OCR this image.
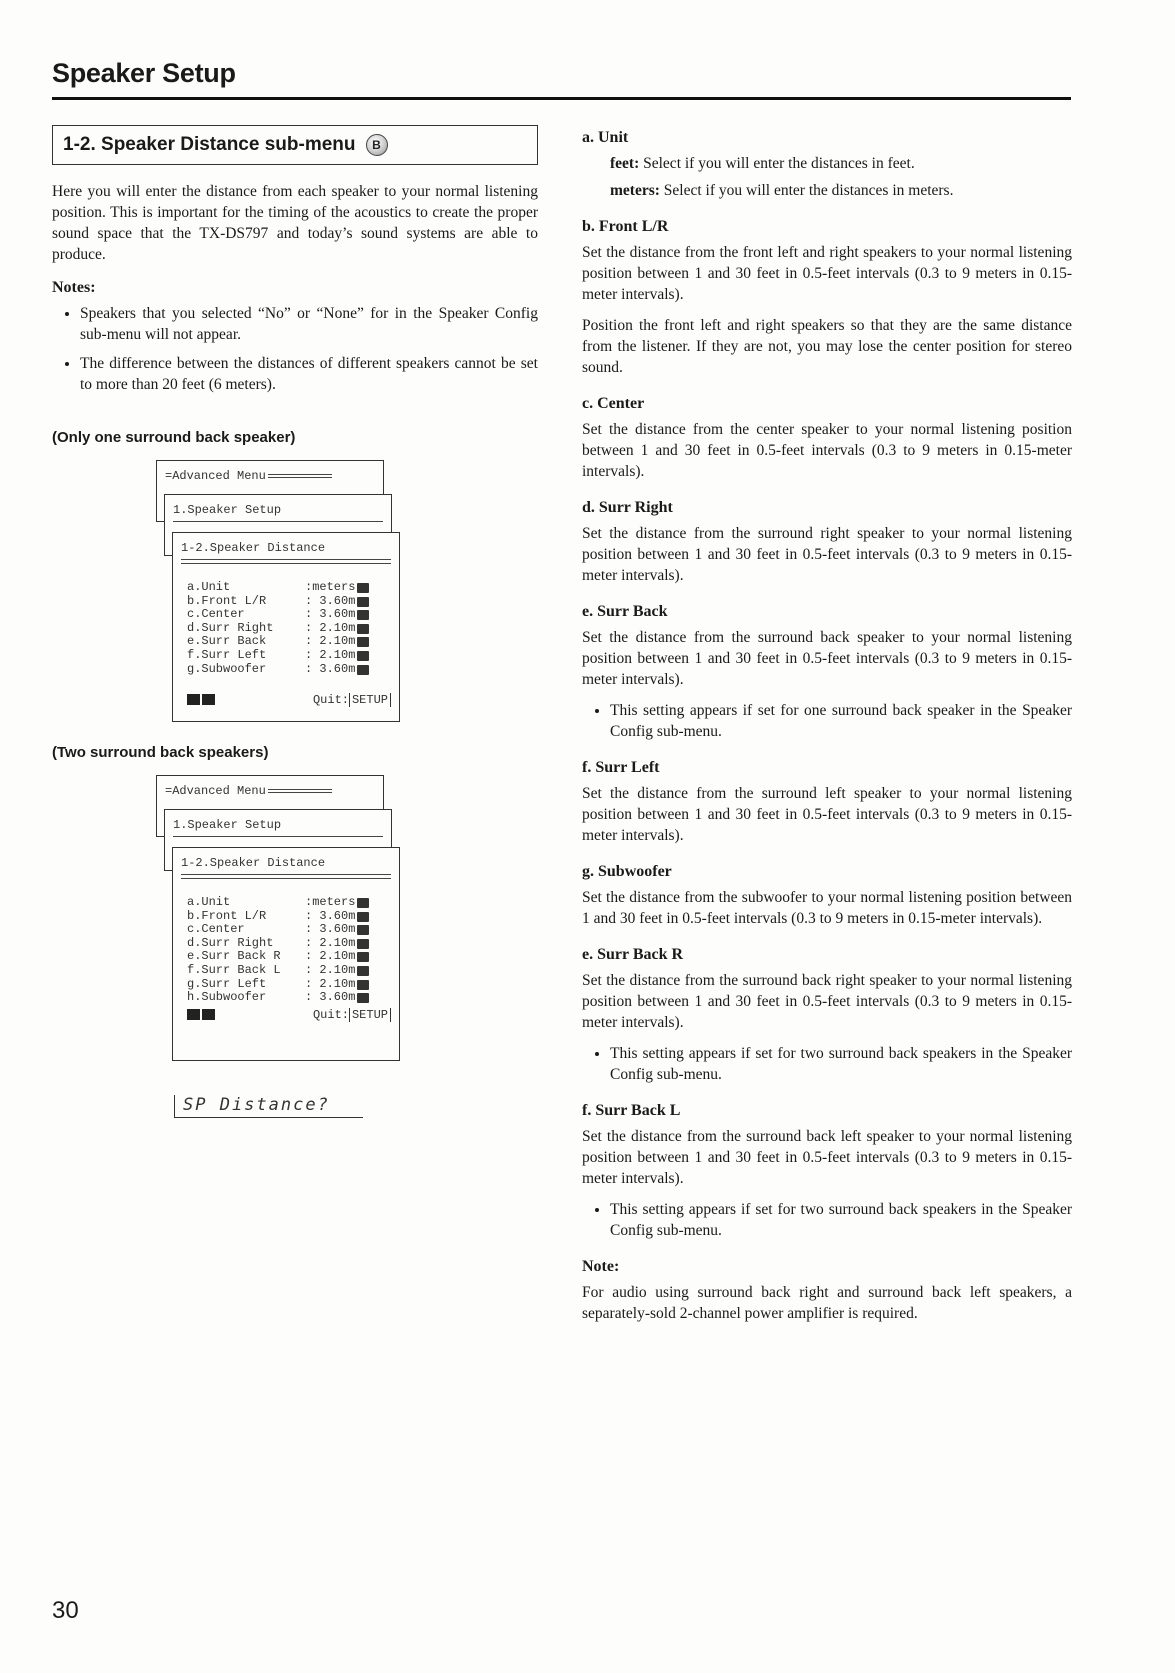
Speaker Setup
1-2. Speaker Distance sub-menu	B

Here you will enter the distance from each speaker to your normal listening position. This is important for the timing of the acoustics to create the proper sound space that the TX-DS797 and today’s sound systems are able to produce.

Notes:
• Speakers that you selected “No” or “None” for in the Speaker Config sub-menu will not appear.
• The difference between the distances of different speakers cannot be set to more than 20 feet (6 meters).
(Only one surround back speaker)
=Advanced Menu
1.Speaker Setup
1-2.Speaker Distance
a.Unit	:meters
b.Front L/R	: 3.60m
c.Center	: 3.60m
d.Surr Right	: 2.10m
e.Surr Back	: 2.10m
f.Surr Left	: 2.10m
g.Subwoofer	: 3.60m
Quit: SETUP
(Two surround back speakers)
=Advanced Menu
1.Speaker Setup
1-2.Speaker Distance
a.Unit	:meters
b.Front L/R	: 3.60m
c.Center	: 3.60m
d.Surr Right	: 2.10m
e.Surr Back R	: 2.10m
f.Surr Back L	: 2.10m
g.Surr Left	: 2.10m
h.Subwoofer	: 3.60m
Quit: SETUP
SP Distance?
a. Unit
feet: Select if you will enter the distances in feet.
meters: Select if you will enter the distances in meters.
b. Front L/R

Set the distance from the front left and right speakers to your normal listening position between 1 and 30 feet in 0.5-feet intervals (0.3 to 9 meters in 0.15-meter intervals).

Position the front left and right speakers so that they are the same distance from the listener. If they are not, you may lose the center position for stereo sound.

c. Center

Set the distance from the center speaker to your normal listening position between 1 and 30 feet in 0.5-feet intervals (0.3 to 9 meters in 0.15-meter intervals).

d. Surr Right

Set the distance from the surround right speaker to your normal listening position between 1 and 30 feet in 0.5-feet intervals (0.3 to 9 meters in 0.15-meter intervals).

e. Surr Back

Set the distance from the surround back speaker to your normal listening position between 1 and 30 feet in 0.5-feet intervals (0.3 to 9 meters in 0.15-meter intervals).

• This setting appears if set for one surround back speaker in the Speaker Config sub-menu.
f. Surr Left

Set the distance from the surround left speaker to your normal listening position between 1 and 30 feet in 0.5-feet intervals (0.3 to 9 meters in 0.15-meter intervals).

g. Subwoofer

Set the distance from the subwoofer to your normal listening position between 1 and 30 feet in 0.5-feet intervals (0.3 to 9 meters in 0.15-meter intervals).

e. Surr Back R

Set the distance from the surround back right speaker to your normal listening position between 1 and 30 feet in 0.5-feet intervals (0.3 to 9 meters in 0.15-meter intervals).

• This setting appears if set for two surround back speakers in the Speaker Config sub-menu.
f. Surr Back L

Set the distance from the surround back left speaker to your normal listening position between 1 and 30 feet in 0.5-feet intervals (0.3 to 9 meters in 0.15-meter intervals).

• This setting appears if set for two surround back speakers in the Speaker Config sub-menu.
Note:

For audio using surround back right and surround back left speakers, a separately-sold 2-channel power amplifier is required.

30
